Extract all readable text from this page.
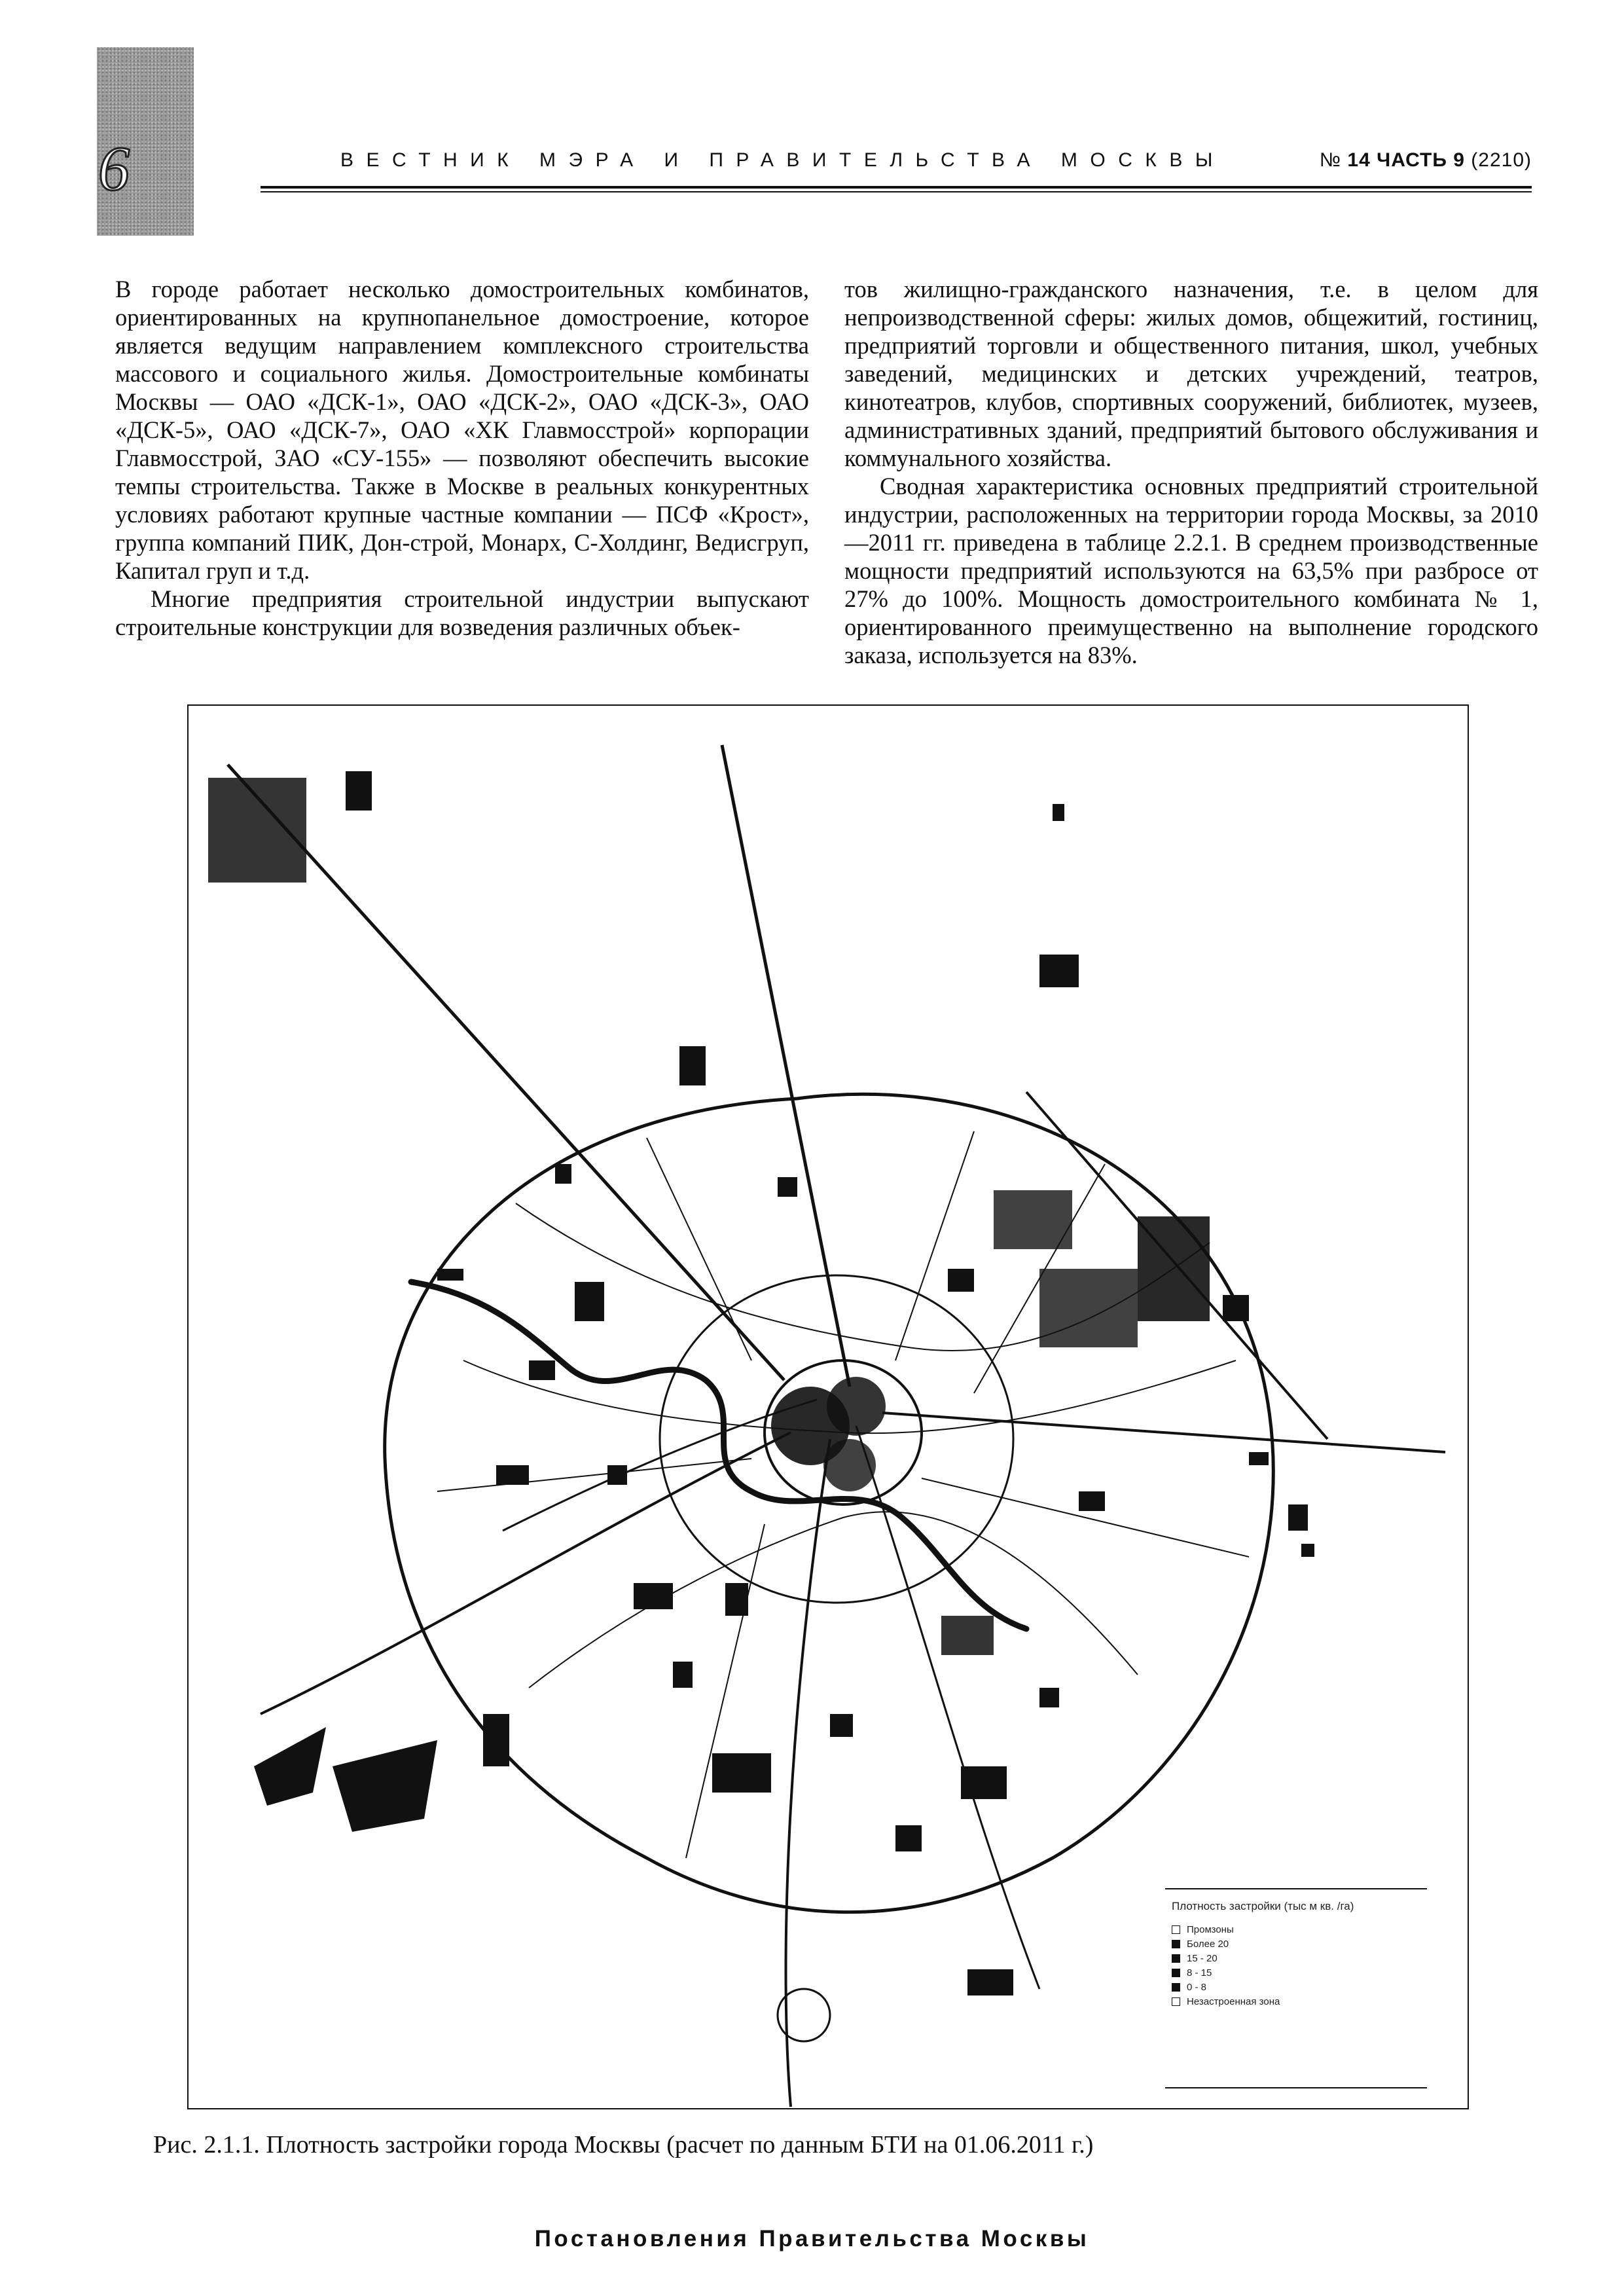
6	ВЕСТНИК МЭРА И ПРАВИТЕЛЬСТВА МОСКВЫ	№ 14 ЧАСТЬ 9 (2210)

В городе работает несколько домостроительных комбинатов, ориентированных на крупнопанельное домостроение, которое является ведущим направлением комплексного строительства массового и социального жилья. Домостроительные комбинаты Москвы — ОАО «ДСК-1», ОАО «ДСК-2», ОАО «ДСК-3», ОАО «ДСК-5», ОАО «ДСК-7», ОАО «ХК Главмосстрой» корпорации Главмосстрой, ЗАО «СУ-155» — позволяют обеспечить высокие темпы строительства. Также в Москве в реальных конкурентных условиях работают крупные частные компании — ПСФ «Крост», группа компаний ПИК, Дон-строй, Монарх, С-Холдинг, Ведисгруп, Капитал груп и т.д.

Многие предприятия строительной индустрии выпускают строительные конструкции для возведения различных объек-

тов жилищно-гражданского назначения, т.е. в целом для непроизводственной сферы: жилых домов, общежитий, гостиниц, предприятий торговли и общественного питания, школ, учебных заведений, медицинских и детских учреждений, театров, кинотеатров, клубов, спортивных сооружений, библиотек, музеев, административных зданий, предприятий бытового обслуживания и коммунального хозяйства.

Сводная характеристика основных предприятий строительной индустрии, расположенных на территории города Москвы, за 2010—2011 гг. приведена в таблице 2.2.1. В среднем производственные мощности предприятий используются на 63,5% при разбросе от 27% до 100%. Мощность домостроительного комбината № 1, ориентированного преимущественно на выполнение городского заказа, используется на 83%.

Плотность застройки (тыс м кв. /га)
Промзоны
Более 20
15 - 20
8 - 15
0 - 8
Незастроенная зона
Рис. 2.1.1. Плотность застройки города Москвы (расчет по данным БТИ на 01.06.2011 г.)
Постановления Правительства Москвы
